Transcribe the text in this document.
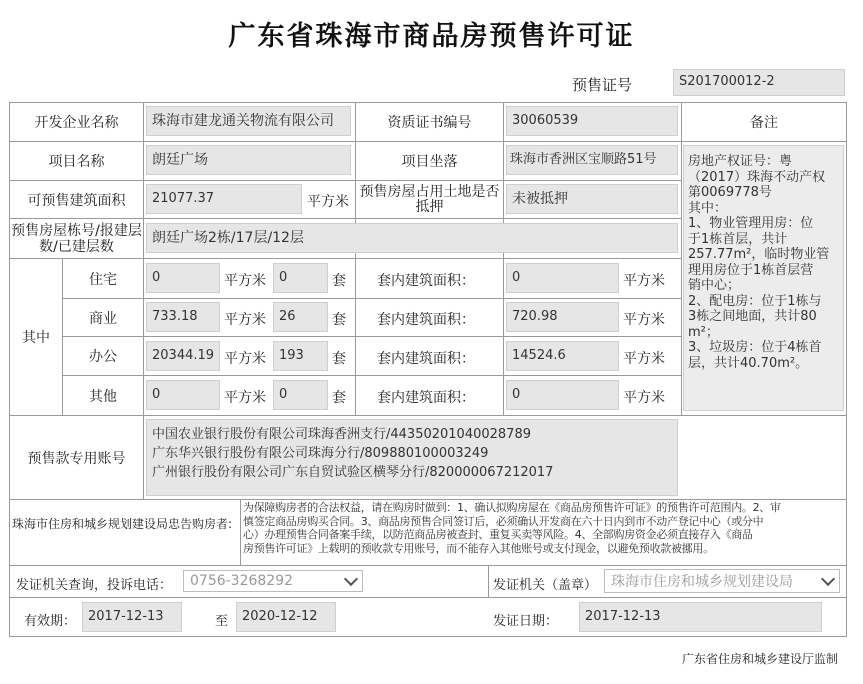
广东省珠海市商品房预售许可证
预售证号	S201700012-2
开发企业名称	珠海市建龙通关物流有限公司	资质证书编号	30060539	备注
项目名称	朗廷广场	项目坐落	珠海市香洲区宝顺路51号
可预售建筑面积	21077.37	平方米
预售房屋占用土地是否抵押	未被抵押
预售房屋栋号/报建层数/已建层数
朗廷广场2栋/17层/12层
其中
住宅	0	平方米	0	套 套内建筑面积：	0	平方米
商业	733.18	平方米	26	套 套内建筑面积：	720.98	平方米
办公	20344.19 平方米	193	套 套内建筑面积：	14524.6	平方米
其他	0	平方米	0	套 套内建筑面积：	0	平方米
房地产权证号：粤
（2017）珠海不动产权
第0069778号
其中：
1、物业管理用房：位
于1栋首层，共计
257.77m²，临时物业管
理用房位于1栋首层营
销中心；
2、配电房：位于1栋与
3栋之间地面，共计80
m²；
3、垃圾房：位于4栋首
层，共计40.70m²。
预售款专用账号
中国农业银行股份有限公司珠海香洲支行/44350201040028789
广东华兴银行股份有限公司珠海分行/809880100003249
广州银行股份有限公司广东自贸试验区横琴分行/820000067212017
珠海市住房和城乡规划建设局忠告购房者:
为保障购房者的合法权益，请在购房时做到：1、确认拟购房屋在《商品房预售许可证》的预售许可范围内。2、审
慎签定商品房购买合同。3、商品房预售合同签订后，必须确认开发商在六十日内到市不动产登记中心（或分中
心）办理预售合同备案手续，以防范商品房被查封、重复买卖等风险。4、全部购房资金必须直接存入《商品
房预售许可证》上载明的预收款专用账号，而不能存入其他账号或支付现金，以避免预收款被挪用。
发证机关查询，投诉电话： 0756-3268292	发证机关（盖章） 珠海市住房和城乡规划建设局
有效期： 2017-12-13	至	2020-12-12	发证日期：	2017-12-13
广东省住房和城乡建设厅监制
